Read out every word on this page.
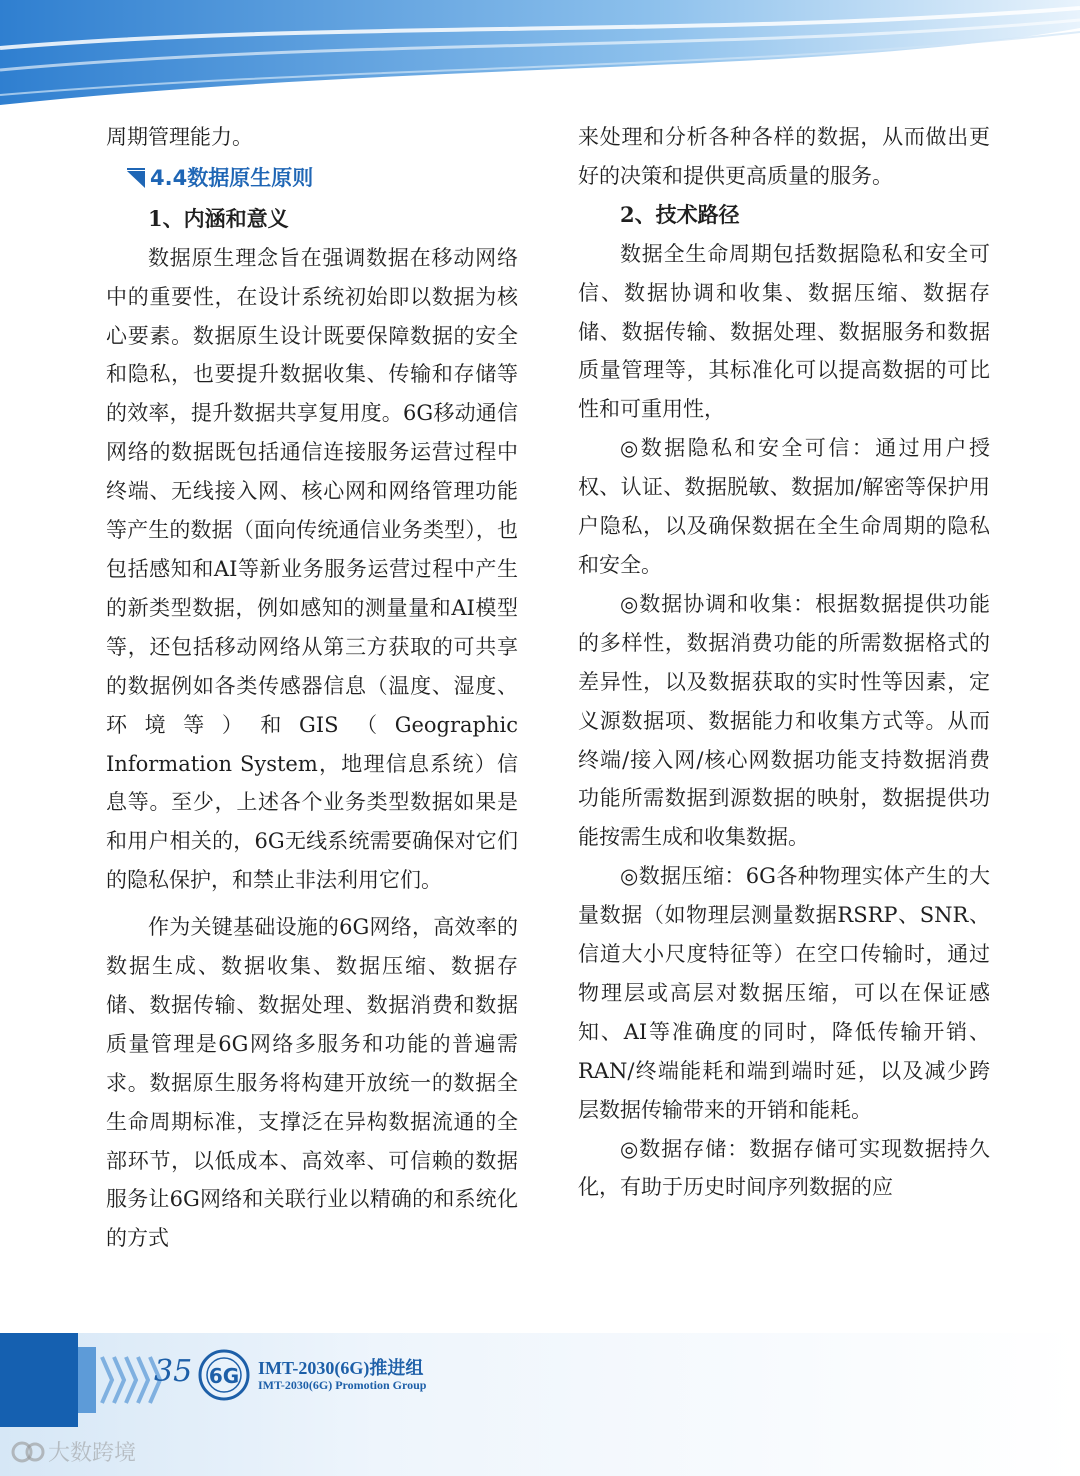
周期管理能力。

4.4数据原生原则

1、内涵和意义

数据原生理念旨在强调数据在移动网络中的重要性，在设计系统初始即以数据为核心要素。数据原生设计既要保障数据的安全和隐私，也要提升数据收集、传输和存储等的效率，提升数据共享复用度。6G移动通信网络的数据既包括通信连接服务运营过程中终端、无线接入网、核心网和网络管理功能等产生的数据（面向传统通信业务类型），也包括感知和AI等新业务服务运营过程中产生的新类型数据，例如感知的测量量和AI模型等，还包括移动网络从第三方获取的可共享的数据例如各类传感器信息（温度、湿度、环境等）和GIS（Geographic Information System，地理信息系统）信息等。至少，上述各个业务类型数据如果是和用户相关的，6G无线系统需要确保对它们的隐私保护，和禁止非法利用它们。

作为关键基础设施的6G网络，高效率的数据生成、数据收集、数据压缩、数据存储、数据传输、数据处理、数据消费和数据质量管理是6G网络多服务和功能的普遍需求。数据原生服务将构建开放统一的数据全生命周期标准，支撑泛在异构数据流通的全部环节，以低成本、高效率、可信赖的数据服务让6G网络和关联行业以精确的和系统化的方式

来处理和分析各种各样的数据，从而做出更好的决策和提供更高质量的服务。

2、技术路径

数据全生命周期包括数据隐私和安全可信、数据协调和收集、数据压缩、数据存储、数据传输、数据处理、数据服务和数据质量管理等，其标准化可以提高数据的可比性和可重用性，

◎数据隐私和安全可信：通过用户授权、认证、数据脱敏、数据加/解密等保护用户隐私，以及确保数据在全生命周期的隐私和安全。

◎数据协调和收集：根据数据提供功能的多样性，数据消费功能的所需数据格式的差异性，以及数据获取的实时性等因素，定义源数据项、数据能力和收集方式等。从而终端/接入网/核心网数据功能支持数据消费功能所需数据到源数据的映射，数据提供功能按需生成和收集数据。

◎数据压缩：6G各种物理实体产生的大量数据（如物理层测量数据RSRP、SNR、信道大小尺度特征等）在空口传输时，通过物理层或高层对数据压缩，可以在保证感知、AI等准确度的同时，降低传输开销、RAN/终端能耗和端到端时延，以及减少跨层数据传输带来的开销和能耗。

◎数据存储：数据存储可实现数据持久化，有助于历史时间序列数据的应

35 6G IMT-2030(6G)推进组
IMT-2030(6G) Promotion Group
大数跨境
